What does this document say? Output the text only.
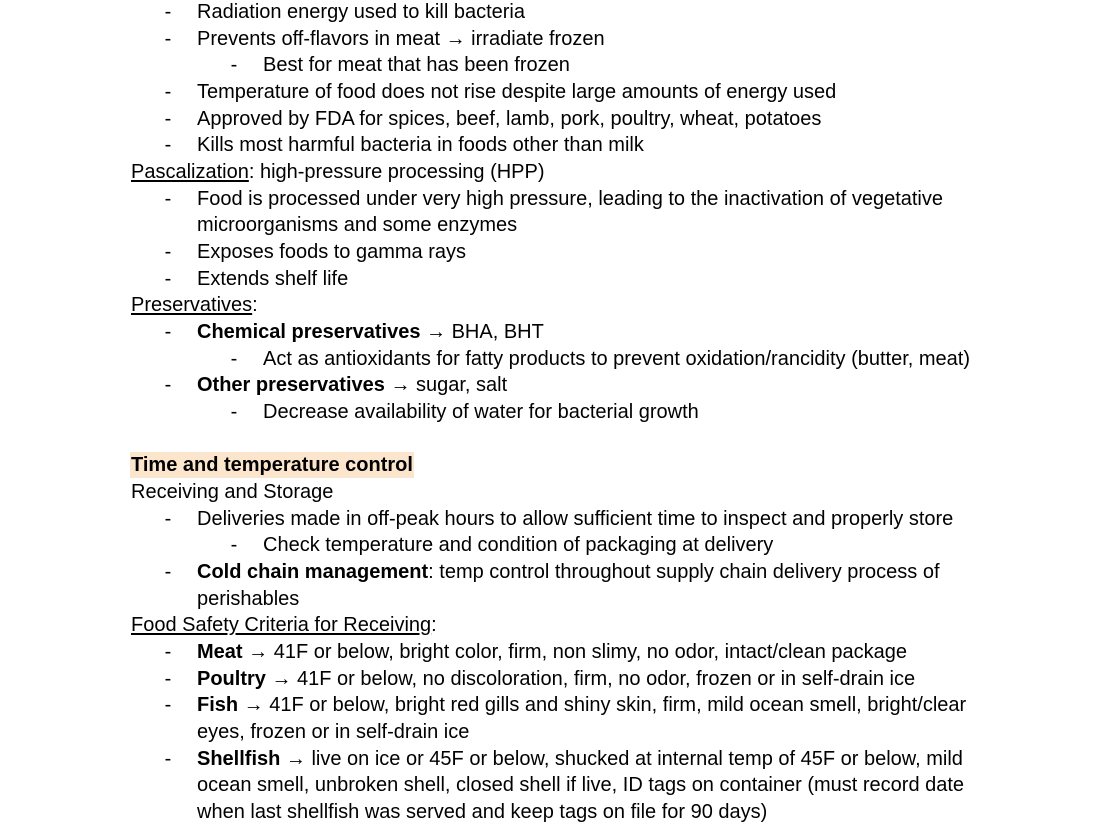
- Radiation energy used to kill bacteria
- Prevents off-flavors in meat → irradiate frozen
- Best for meat that has been frozen
- Temperature of food does not rise despite large amounts of energy used
- Approved by FDA for spices, beef, lamb, pork, poultry, wheat, potatoes
- Kills most harmful bacteria in foods other than milk
Pascalization: high-pressure processing (HPP)
- Food is processed under very high pressure, leading to the inactivation of vegetative
microorganisms and some enzymes
- Exposes foods to gamma rays
- Extends shelf life
Preservatives:
- Chemical preservatives → BHA, BHT
- Act as antioxidants for fatty products to prevent oxidation/rancidity (butter, meat)
- Other preservatives → sugar, salt
- Decrease availability of water for bacterial growth
Time and temperature control
Receiving and Storage
- Deliveries made in off-peak hours to allow sufficient time to inspect and properly store
- Check temperature and condition of packaging at delivery
- Cold chain management: temp control throughout supply chain delivery process of
perishables
Food Safety Criteria for Receiving:
- Meat → 41F or below, bright color, firm, non slimy, no odor, intact/clean package
- Poultry → 41F or below, no discoloration, firm, no odor, frozen or in self-drain ice
- Fish → 41F or below, bright red gills and shiny skin, firm, mild ocean smell, bright/clear
eyes, frozen or in self-drain ice
- Shellfish → live on ice or 45F or below, shucked at internal temp of 45F or below, mild
ocean smell, unbroken shell, closed shell if live, ID tags on container (must record date
when last shellfish was served and keep tags on file for 90 days)
